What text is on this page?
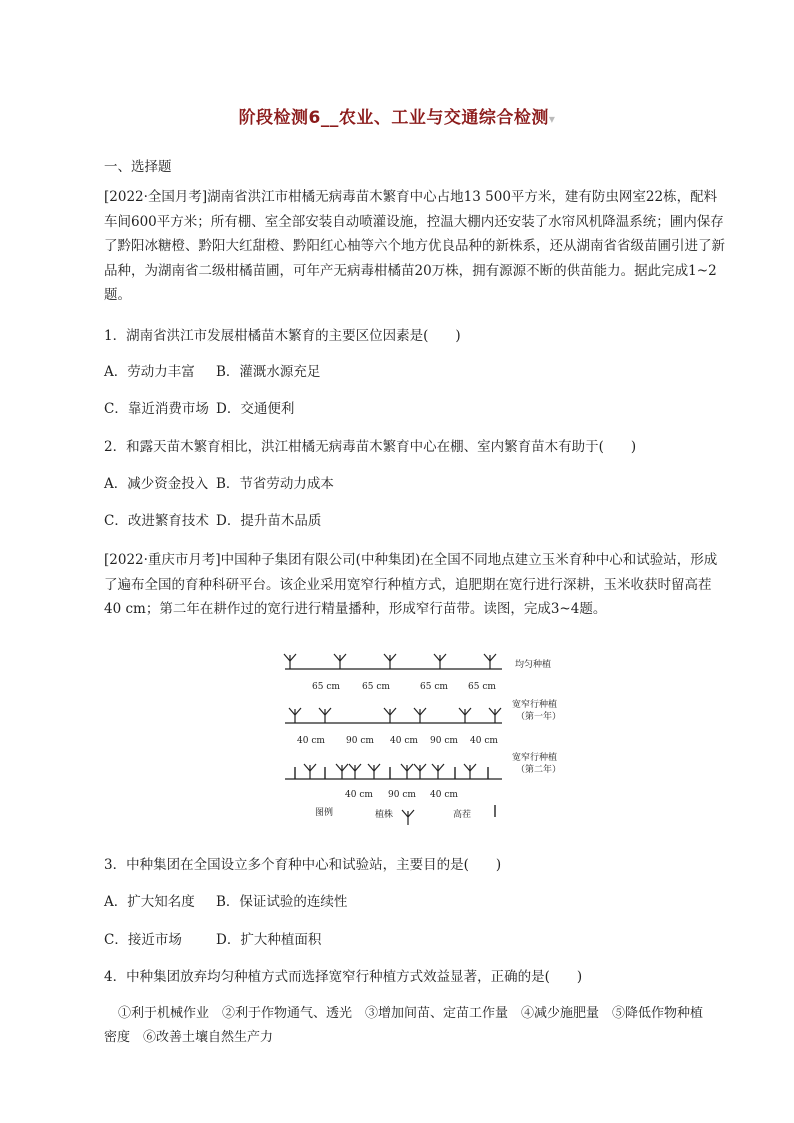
阶段检测6__农业、工业与交通综合检测▾
一、选择题
[2022·全国月考]湖南省洪江市柑橘无病毒苗木繁育中心占地13 500平方米，建有防虫网室22栋，配料车间600平方米；所有棚、室全部安装自动喷灌设施，控温大棚内还安装了水帘风机降温系统；圃内保存了黔阳冰糖橙、黔阳大红甜橙、黔阳红心柚等六个地方优良品种的新株系，还从湖南省省级苗圃引进了新品种，为湖南省二级柑橘苗圃，可年产无病毒柑橘苗20万株，拥有源源不断的供苗能力。据此完成1~2题。
1．湖南省洪江市发展柑橘苗木繁育的主要区位因素是(　　)
A．劳动力丰富 B．灌溉水源充足
C．靠近消费市场 D．交通便利
2．和露天苗木繁育相比，洪江柑橘无病毒苗木繁育中心在棚、室内繁育苗木有助于(　　)
A．减少资金投入 B．节省劳动力成本
C．改进繁育技术 D．提升苗木品质
[2022·重庆市月考]中国种子集团有限公司(中种集团)在全国不同地点建立玉米育种中心和试验站，形成了遍布全国的育种科研平台。该企业采用宽窄行种植方式，追肥期在宽行进行深耕，玉米收获时留高茬40 cm；第二年在耕作过的宽行进行精量播种，形成窄行苗带。读图，完成3~4题。
65 cm 65 cm	65 cm 65 cm
均匀种植
40 cm 90 cm 40 cm 90 cm 40 cm
宽窄行种植
（第一年）
40 cm 90 cm 40 cm
宽窄行种植
（第二年）
图例	植株	高茬
3．中种集团在全国设立多个育种中心和试验站，主要目的是(　　)
A．扩大知名度 B．保证试验的连续性
C．接近市场	D．扩大种植面积
4．中种集团放弃均匀种植方式而选择宽窄行种植方式效益显著，正确的是(　　)
①利于机械作业　②利于作物通气、透光　③增加间苗、定苗工作量　④减少施肥量　⑤降低作物种植
密度　⑥改善土壤自然生产力
